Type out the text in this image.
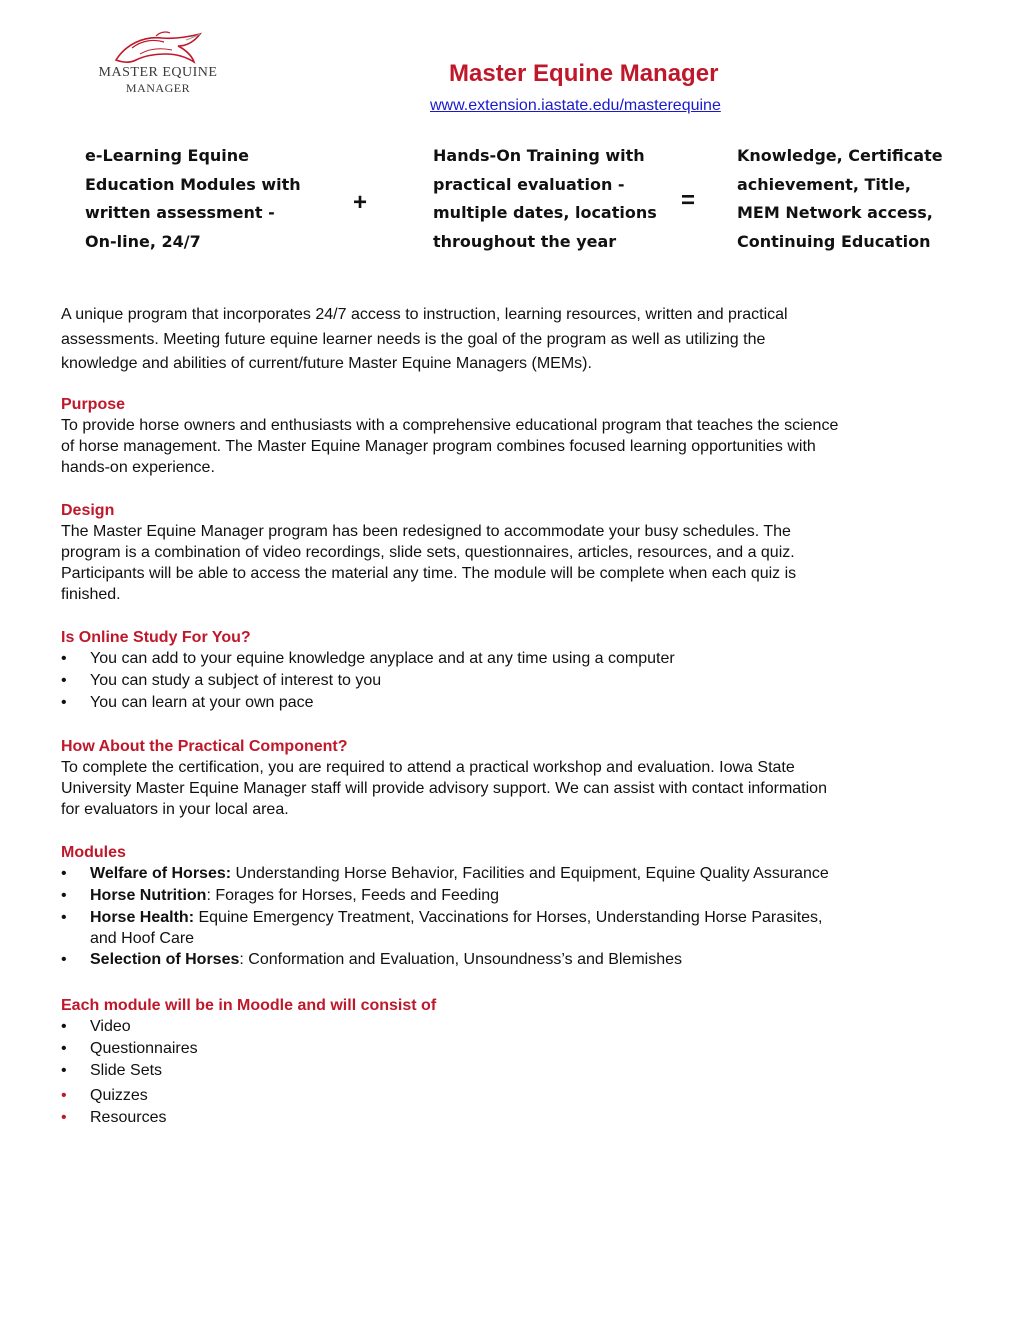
MASTER EQUINE
MANAGER
Master Equine Manager
www.extension.iastate.edu/masterequine
e-Learning Equine
Education Modules with
written assessment -
On-line, 24/7
+
Hands-On Training with
practical evaluation -
multiple dates, locations
throughout the year
=
Knowledge, Certificate
achievement, Title,
MEM Network access,
Continuing Education
A unique program that incorporates 24/7 access to instruction, learning resources, written and practical
assessments. Meeting future equine learner needs is the goal of the program as well as utilizing the
knowledge and abilities of current/future Master Equine Managers (MEMs).
Purpose
To provide horse owners and enthusiasts with a comprehensive educational program that teaches the science
of horse management. The Master Equine Manager program combines focused learning opportunities with
hands-on experience.
Design
The Master Equine Manager program has been redesigned to accommodate your busy schedules. The
program is a combination of video recordings, slide sets, questionnaires, articles, resources, and a quiz.
Participants will be able to access the material any time. The module will be complete when each quiz is
finished.
Is Online Study For You?
• You can add to your equine knowledge anyplace and at any time using a computer
• You can study a subject of interest to you
• You can learn at your own pace
How About the Practical Component?
To complete the certification, you are required to attend a practical workshop and evaluation. Iowa State
University Master Equine Manager staff will provide advisory support. We can assist with contact information
for evaluators in your local area.
Modules
• Welfare of Horses: Understanding Horse Behavior, Facilities and Equipment, Equine Quality Assurance
• Horse Nutrition: Forages for Horses, Feeds and Feeding
• Horse Health: Equine Emergency Treatment, Vaccinations for Horses, Understanding Horse Parasites,
and Hoof Care
• Selection of Horses: Conformation and Evaluation, Unsoundness’s and Blemishes
Each module will be in Moodle and will consist of
• Video
• Questionnaires
• Slide Sets
• Quizzes
• Resources
